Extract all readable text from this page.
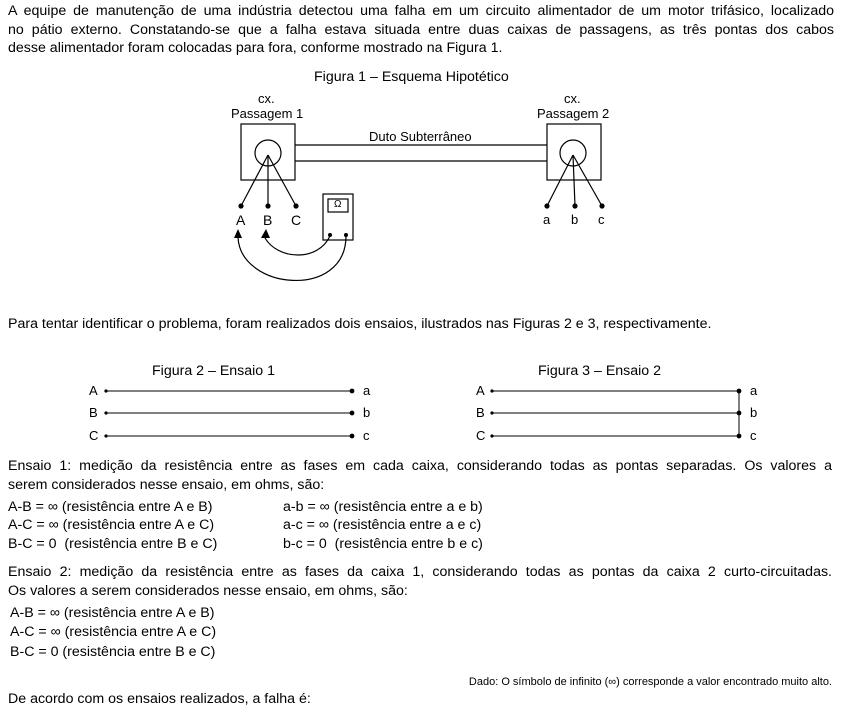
A equipe de manutenção de uma indústria detectou uma falha em um circuito alimentador de um motor trifásico, localizado
no pátio externo. Constatando-se que a falha estava situada entre duas caixas de passagens, as três pontas dos cabos
desse alimentador foram colocadas para fora, conforme mostrado na Figura 1.
Figura 1 – Esquema Hipotético
cx.
Passagem 1
cx.
Passagem 2
Duto Subterrâneo
Ω
A B C	a b c
Para tentar identificar o problema, foram realizados dois ensaios, ilustrados nas Figuras 2 e 3, respectivamente.
Figura 2 – Ensaio 1
A
B
C
a
b
c
Figura 3 – Ensaio 2
A
B
C
a
b
c
Ensaio 1: medição da resistência entre as fases em cada caixa, considerando todas as pontas separadas. Os valores a
serem considerados nesse ensaio, em ohms, são:
A-B = ∞ (resistência entre A e B)
A-C = ∞ (resistência entre A e C)
B-C = 0  (resistência entre B e C)
a-b = ∞ (resistência entre a e b)
a-c = ∞ (resistência entre a e c)
b-c = 0  (resistência entre b e c)
Ensaio 2: medição da resistência entre as fases da caixa 1, considerando todas as pontas da caixa 2 curto-circuitadas.
Os valores a serem considerados nesse ensaio, em ohms, são:
A-B = ∞ (resistência entre A e B)
A-C = ∞ (resistência entre A e C)
B-C = 0 (resistência entre B e C)
Dado: O símbolo de infinito (∞) corresponde a valor encontrado muito alto.
De acordo com os ensaios realizados, a falha é:
